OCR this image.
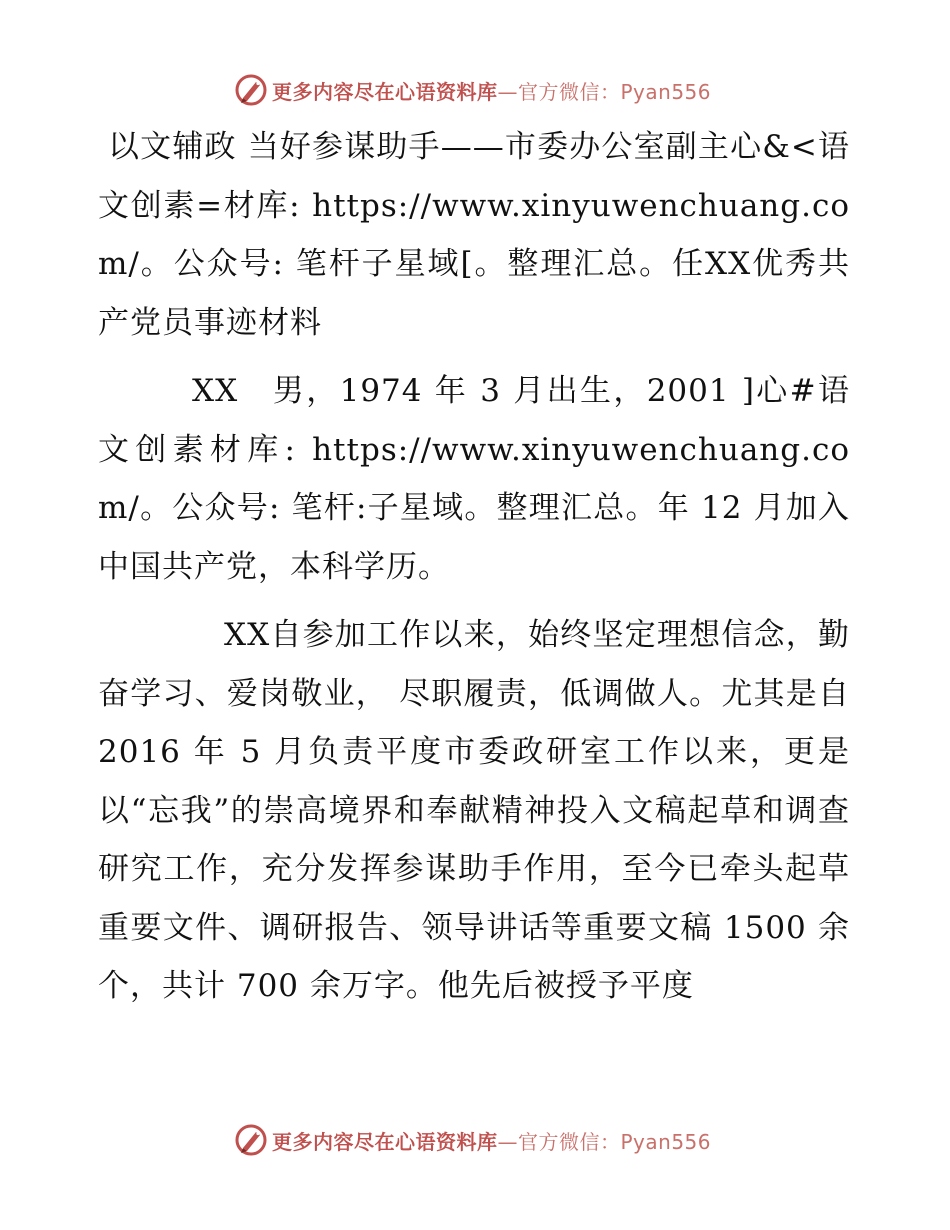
更多内容尽在心语资料库—官方微信：Pyan556

以文辅政 当好参谋助手——市委办公室副主心&<语文创素=材库: https://www.xinyuwenchuang.com/。公众号: 笔杆子星域[。整理汇总。任XX优秀共产党员事迹材料

XX　男，1974 年 3 月出生，2001 ]心#语文创素材库: https://www.xinyuwenchuang.com/。公众号: 笔杆:子星域。整理汇总。年 12 月加入中国共产党，本科学历。

XX自参加工作以来，始终坚定理想信念，勤奋学习、爱岗敬业， 尽职履责，低调做人。尤其是自 2016 年 5 月负责平度市委政研室工作以来，更是以“忘我”的崇高境界和奉献精神投入文稿起草和调查研究工作，充分发挥参谋助手作用，至今已牵头起草重要文件、调研报告、领导讲话等重要文稿 1500 余个，共计 700 余万字。他先后被授予平度

更多内容尽在心语资料库—官方微信：Pyan556
